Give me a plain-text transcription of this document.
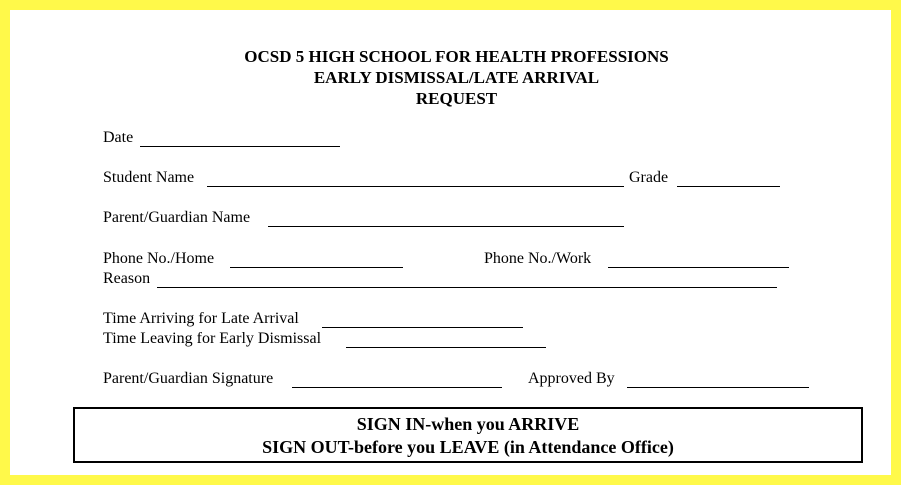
OCSD 5 HIGH SCHOOL FOR HEALTH PROFESSIONS
EARLY DISMISSAL/LATE ARRIVAL
REQUEST
Date
Student Name	Grade
Parent/Guardian Name
Phone No./Home	Phone No./Work
Reason
Time Arriving for Late Arrival
Time Leaving for Early Dismissal
Parent/Guardian Signature	Approved By
SIGN IN-when you ARRIVE
SIGN OUT-before you LEAVE (in Attendance Office)
